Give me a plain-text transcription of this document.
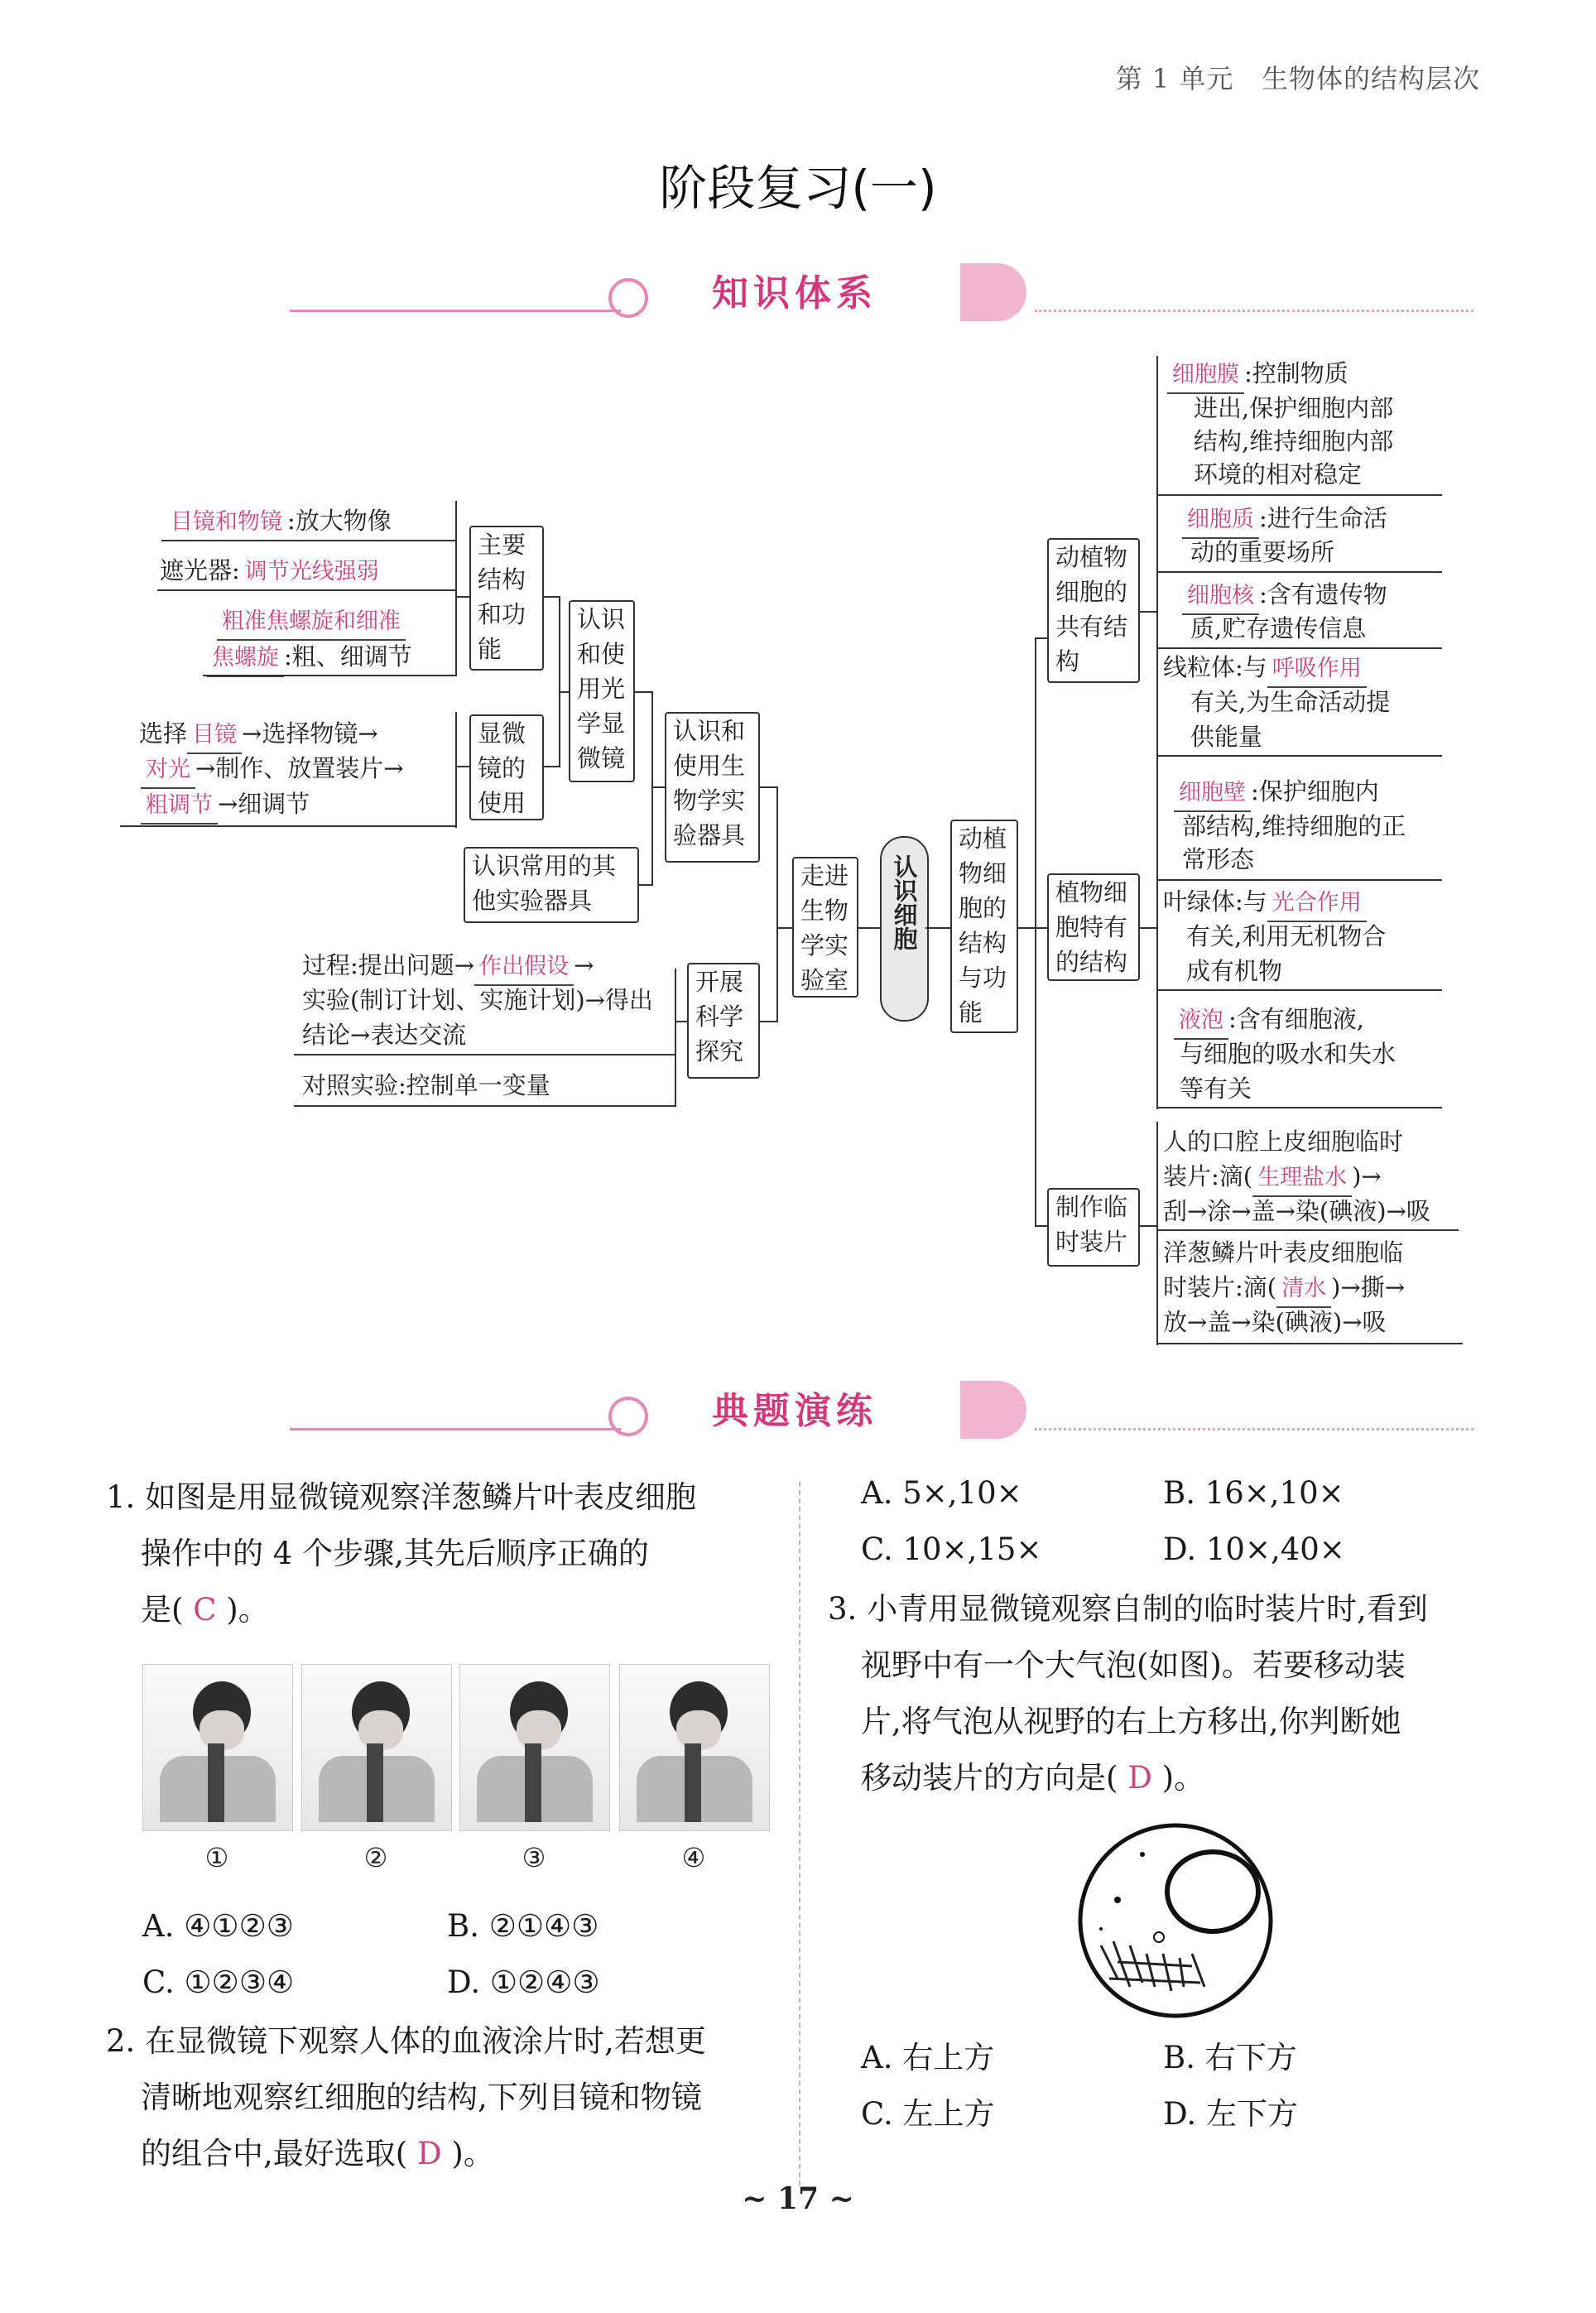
第 1 单元 生物体的结构层次
阶段复习(一)
知识体系
认识细胞
走进生物学实验室
认识和使用生物学实验器具
认识和使用光学显微镜
主要结构和功能
显微镜的使用
认识常用的其他实验器具
开展科学探究
目镜和物镜 :放大物像
遮光器: 调节光线强弱
粗准焦螺旋和细准
焦螺旋 :粗、细调节
选择 目镜 →选择物镜→
对光 →制作、放置装片→
粗调节 →细调节
过程:提出问题→ 作出假设 →
实验(制订计划、实施计划)→得出
结论→表达交流
对照实验:控制单一变量
动植物细胞的结构与功能
动植物细胞的共有结构
植物细胞特有的结构
制作临时装片
细胞膜 :控制物质
进出,保护细胞内部
结构,维持细胞内部
环境的相对稳定
细胞质 :进行生命活
动的重要场所
细胞核 :含有遗传物
质,贮存遗传信息
线粒体:与 呼吸作用
有关,为生命活动提
供能量
细胞壁 :保护细胞内
部结构,维持细胞的正
常形态
叶绿体:与 光合作用
有关,利用无机物合
成有机物
液泡 :含有细胞液,
与细胞的吸水和失水
等有关
人的口腔上皮细胞临时
装片:滴( 生理盐水 )→
刮→涂→盖→染(碘液)→吸
洋葱鳞片叶表皮细胞临
时装片:滴( 清水 )→撕→
放→盖→染(碘液)→吸
典题演练
1. 如图是用显微镜观察洋葱鳞片叶表皮细胞
操作中的 4 个步骤,其先后顺序正确的
是( C )。
①	②	③	④
A. ④①②③	B. ②①④③
C. ①②③④	D. ①②④③
2. 在显微镜下观察人体的血液涂片时,若想更
清晰地观察红细胞的结构,下列目镜和物镜
的组合中,最好选取( D )。
A. 5×,10×	B. 16×,10×
C. 10×,15×	D. 10×,40×
3. 小青用显微镜观察自制的临时装片时,看到
视野中有一个大气泡(如图)。若要移动装
片,将气泡从视野的右上方移出,你判断她
移动装片的方向是( D )。
A. 右上方	B. 右下方
C. 左上方	D. 左下方
~ 17 ~
